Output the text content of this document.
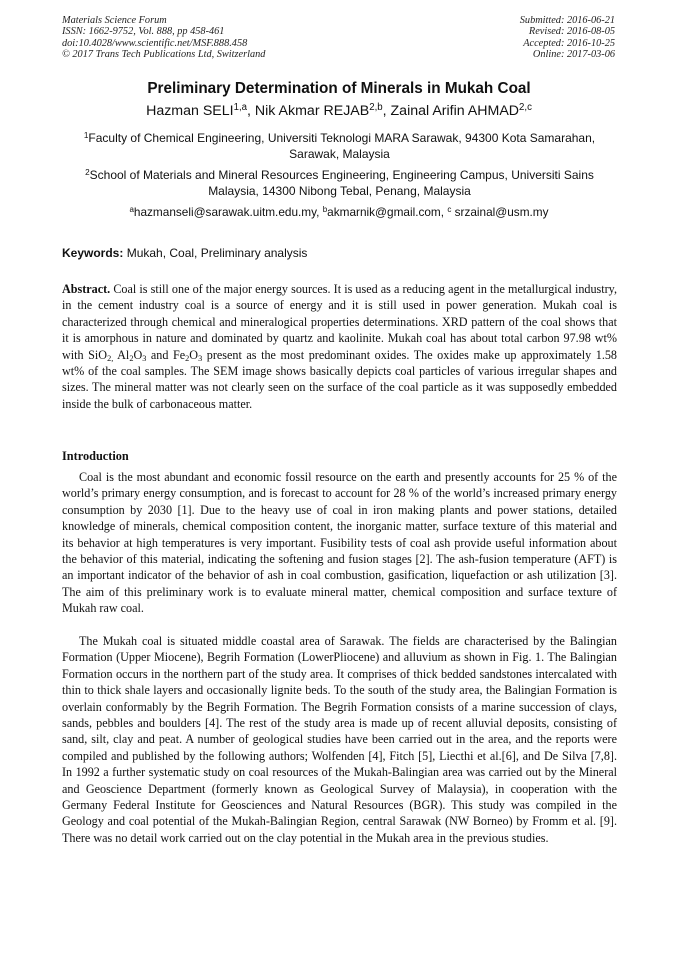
Materials Science Forum
ISSN: 1662-9752, Vol. 888, pp 458-461
doi:10.4028/www.scientific.net/MSF.888.458
© 2017 Trans Tech Publications Ltd, Switzerland
Submitted: 2016-06-21
Revised: 2016-08-05
Accepted: 2016-10-25
Online: 2017-03-06
Preliminary Determination of Minerals in Mukah Coal
Hazman SELI$^{1,a}$, Nik Akmar REJAB$^{2,b}$, Zainal Arifin AHMAD$^{2,c}$
$^1$Faculty of Chemical Engineering, Universiti Teknologi MARA Sarawak, 94300 Kota Samarahan, Sarawak, Malaysia
$^2$School of Materials and Mineral Resources Engineering, Engineering Campus, Universiti Sains Malaysia, 14300 Nibong Tebal, Penang, Malaysia
$^a$hazmanseli@sarawak.uitm.edu.my, $^b$akmarnik@gmail.com, $^c$ srzainal@usm.my
Keywords: Mukah, Coal, Preliminary analysis
Abstract. Coal is still one of the major energy sources. It is used as a reducing agent in the metallurgical industry, in the cement industry coal is a source of energy and it is still used in power generation. Mukah coal is characterized through chemical and mineralogical properties determinations. XRD pattern of the coal shows that it is amorphous in nature and dominated by quartz and kaolinite. Mukah coal has about total carbon 97.98 wt% with SiO$_{2,}$ $Al_2O_3$ and $Fe_2O_3$ present as the most predominant oxides. The oxides make up approximately 1.58 wt% of the coal samples. The SEM image shows basically depicts coal particles of various irregular shapes and sizes. The mineral matter was not clearly seen on the surface of the coal particle as it was supposedly embedded inside the bulk of carbonaceous matter.
Introduction
Coal is the most abundant and economic fossil resource on the earth and presently accounts for 25 % of the world’s primary energy consumption, and is forecast to account for 28 % of the world’s increased primary energy consumption by 2030 [1]. Due to the heavy use of coal in iron making plants and power stations, detailed knowledge of minerals, chemical composition content, the inorganic matter, surface texture of this material and its behavior at high temperatures is very important. Fusibility tests of coal ash provide useful information about the behavior of this material, indicating the softening and fusion stages [2]. The ash-fusion temperature (AFT) is an important indicator of the behavior of ash in coal combustion, gasification, liquefaction or ash utilization [3]. The aim of this preliminary work is to evaluate mineral matter, chemical composition and surface texture of Mukah raw coal.
The Mukah coal is situated middle coastal area of Sarawak. The fields are characterised by the Balingian Formation (Upper Miocene), Begrih Formation (LowerPliocene) and alluvium as shown in Fig. 1. The Balingian Formation occurs in the northern part of the study area. It comprises of thick bedded sandstones intercalated with thin to thick shale layers and occasionally lignite beds. To the south of the study area, the Balingian Formation is overlain conformably by the Begrih Formation. The Begrih Formation consists of a marine succession of clays, sands, pebbles and boulders [4]. The rest of the study area is made up of recent alluvial deposits, consisting of sand, silt, clay and peat. A number of geological studies have been carried out in the area, and the reports were compiled and published by the following authors; Wolfenden [4], Fitch [5], Liecthi et al.[6], and De Silva [7,8]. In 1992 a further systematic study on coal resources of the Mukah-Balingian area was carried out by the Mineral and Geoscience Department (formerly known as Geological Survey of Malaysia), in cooperation with the Germany Federal Institute for Geosciences and Natural Resources (BGR). This study was compiled in the Geology and coal potential of the Mukah-Balingian Region, central Sarawak (NW Borneo) by Fromm et al. [9]. There was no detail work carried out on the clay potential in the Mukah area in the previous studies.
